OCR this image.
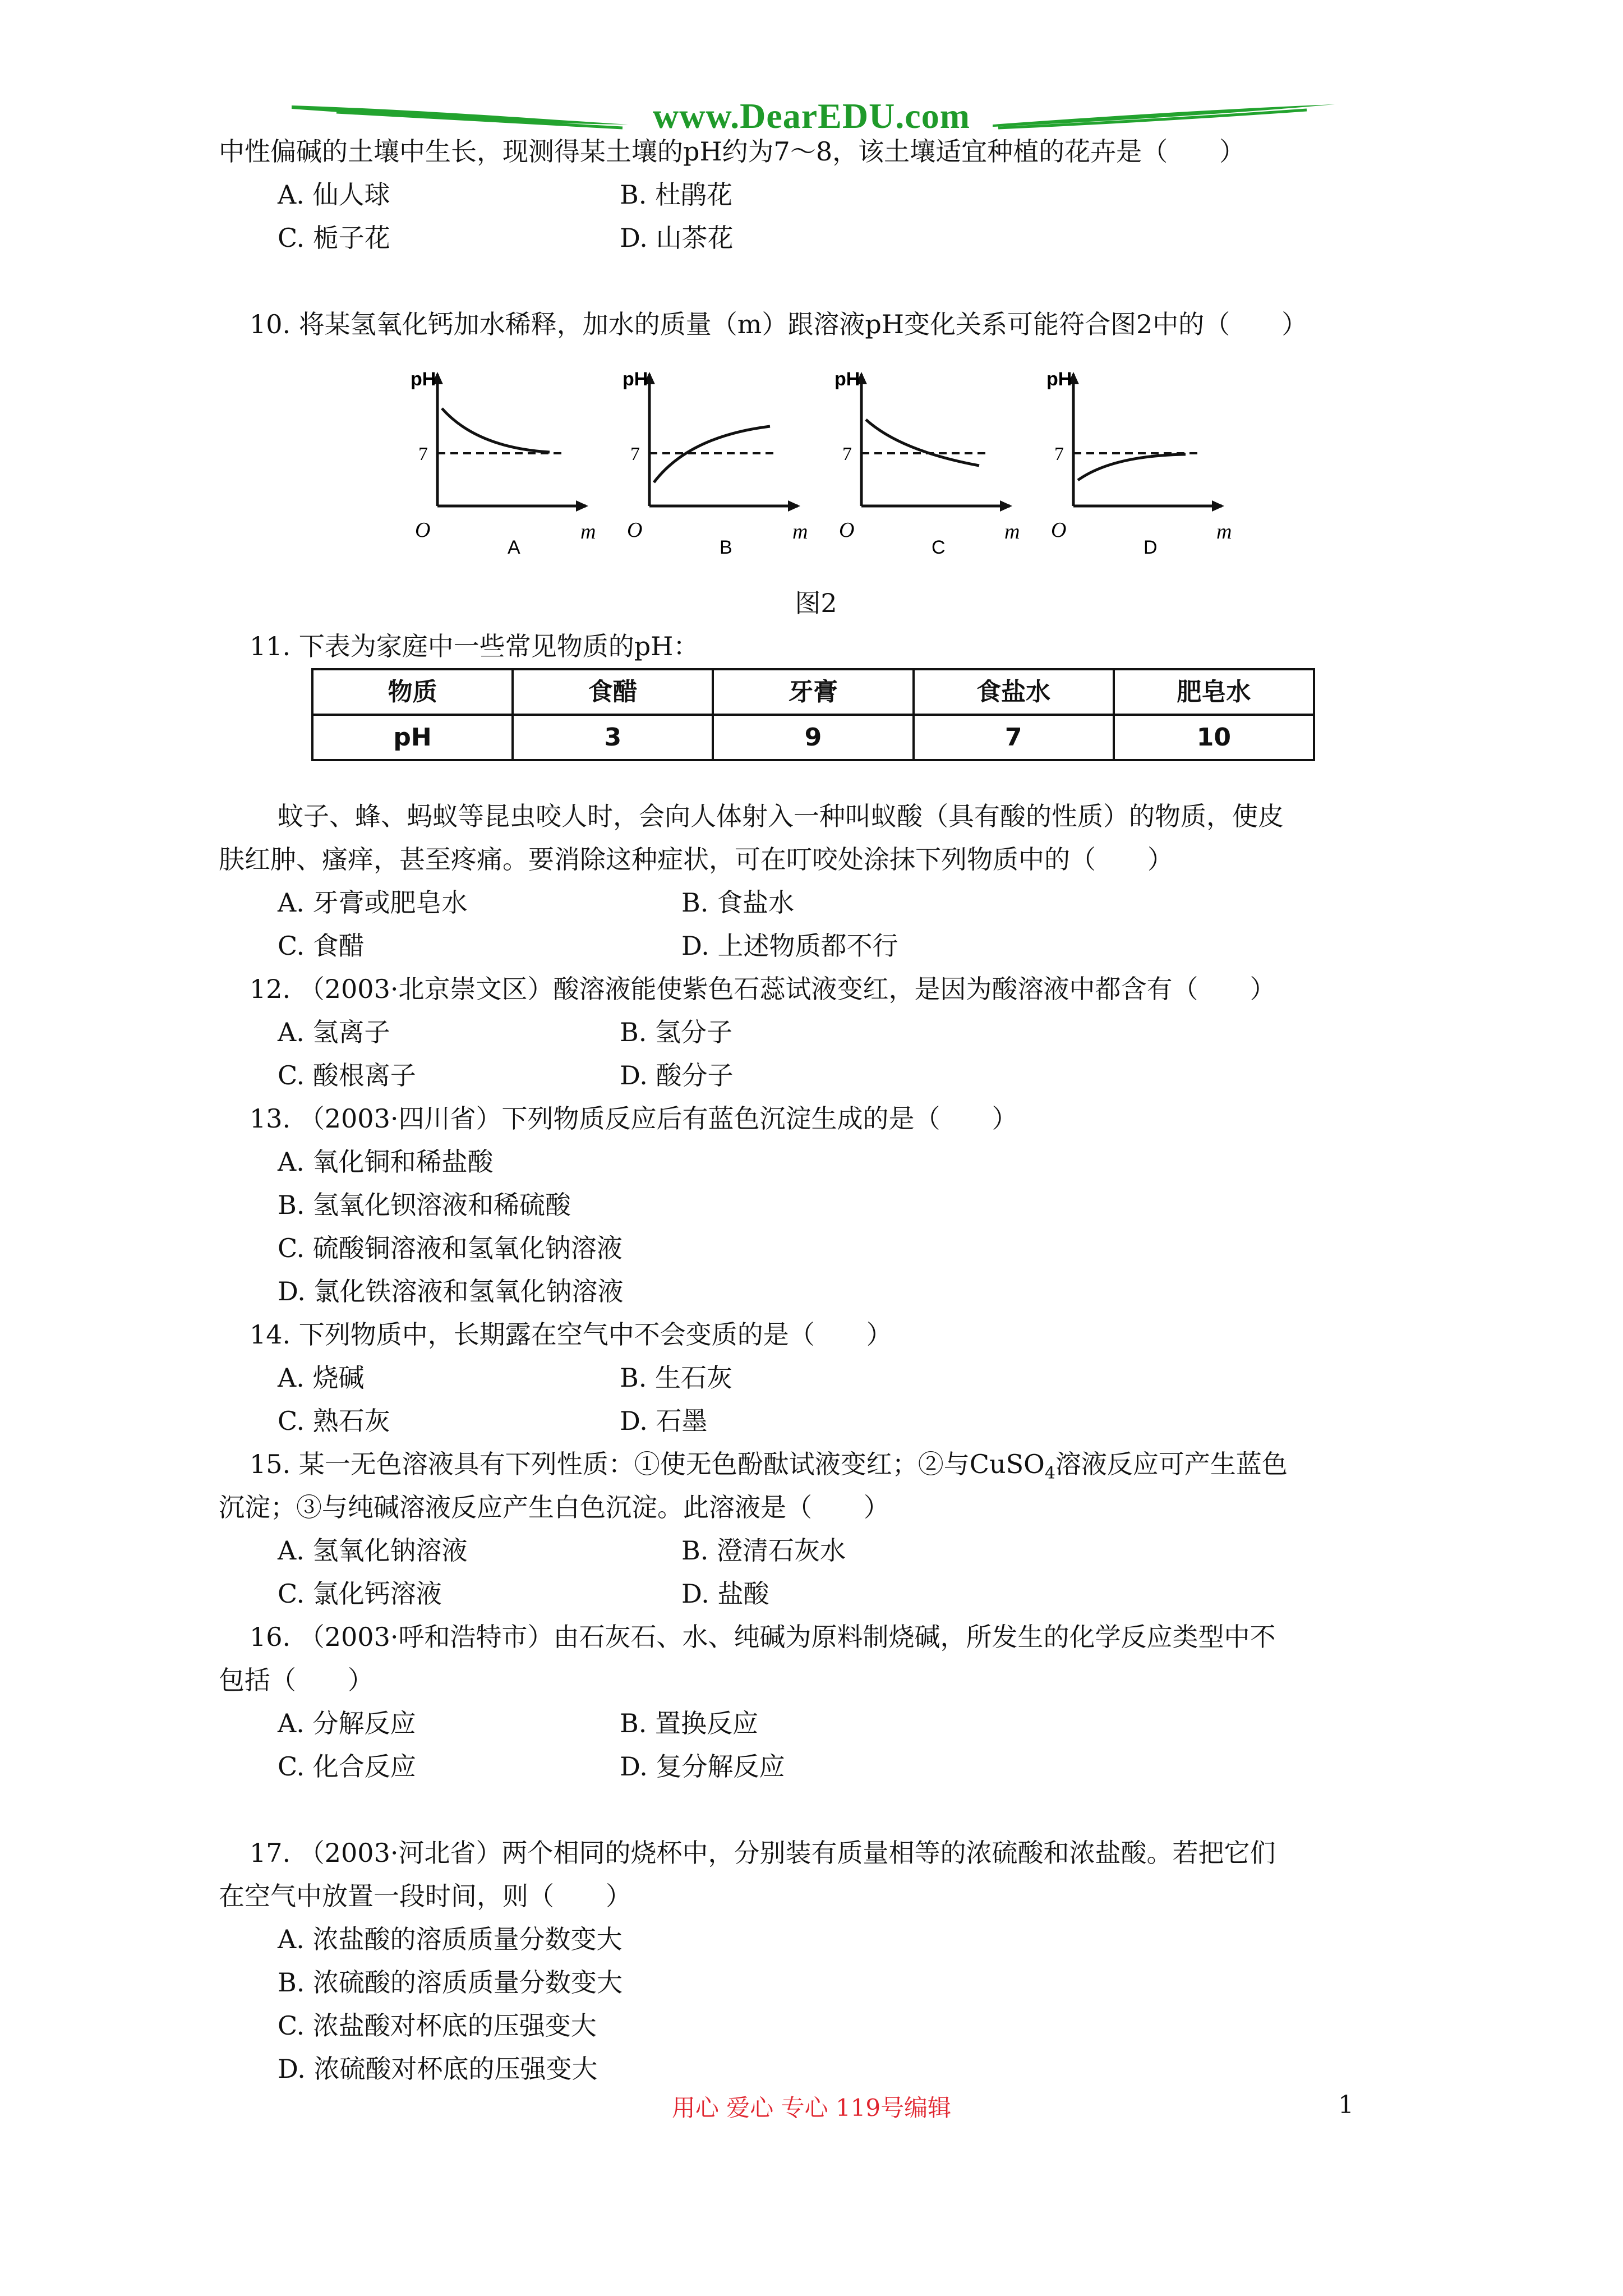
www.DearEDU.com
中性偏碱的土壤中生长，现测得某土壤的pH约为7～8，该土壤适宜种植的花卉是（　　）
A. 仙人球	B. 杜鹃花
C. 栀子花	D. 山茶花
10. 将某氢氧化钙加水稀释，加水的质量（m）跟溶液pH变化关系可能符合图2中的（　　）
pH
7
O	m
A
pH
7
O	m
B
pH
7
O	m
C
pH
7
O	m
D
图2
11. 下表为家庭中一些常见物质的pH：
物质	食醋	牙膏	食盐水	肥皂水
pH	3	9	7	10
蚊子、蜂、蚂蚁等昆虫咬人时，会向人体射入一种叫蚁酸（具有酸的性质）的物质，使皮
肤红肿、瘙痒，甚至疼痛。要消除这种症状，可在叮咬处涂抹下列物质中的（　　）
A. 牙膏或肥皂水	B. 食盐水
C. 食醋	D. 上述物质都不行
12. （2003·北京崇文区）酸溶液能使紫色石蕊试液变红，是因为酸溶液中都含有（　　）
A. 氢离子	B. 氢分子
C. 酸根离子	D. 酸分子
13. （2003·四川省）下列物质反应后有蓝色沉淀生成的是（　　）
A. 氧化铜和稀盐酸
B. 氢氧化钡溶液和稀硫酸
C. 硫酸铜溶液和氢氧化钠溶液
D. 氯化铁溶液和氢氧化钠溶液
14. 下列物质中，长期露在空气中不会变质的是（　　）
A. 烧碱	B. 生石灰
C. 熟石灰	D. 石墨
15. 某一无色溶液具有下列性质：①使无色酚酞试液变红；②与CuSO$_4$溶液反应可产生蓝色
沉淀；③与纯碱溶液反应产生白色沉淀。此溶液是（　　）
A. 氢氧化钠溶液	B. 澄清石灰水
C. 氯化钙溶液	D. 盐酸
16. （2003·呼和浩特市）由石灰石、水、纯碱为原料制烧碱，所发生的化学反应类型中不
包括（　　）
A. 分解反应	B. 置换反应
C. 化合反应	D. 复分解反应
17. （2003·河北省）两个相同的烧杯中，分别装有质量相等的浓硫酸和浓盐酸。若把它们
在空气中放置一段时间，则（　　）
A. 浓盐酸的溶质质量分数变大
B. 浓硫酸的溶质质量分数变大
C. 浓盐酸对杯底的压强变大
D. 浓硫酸对杯底的压强变大
用心 爱心 专心 119号编辑	1
